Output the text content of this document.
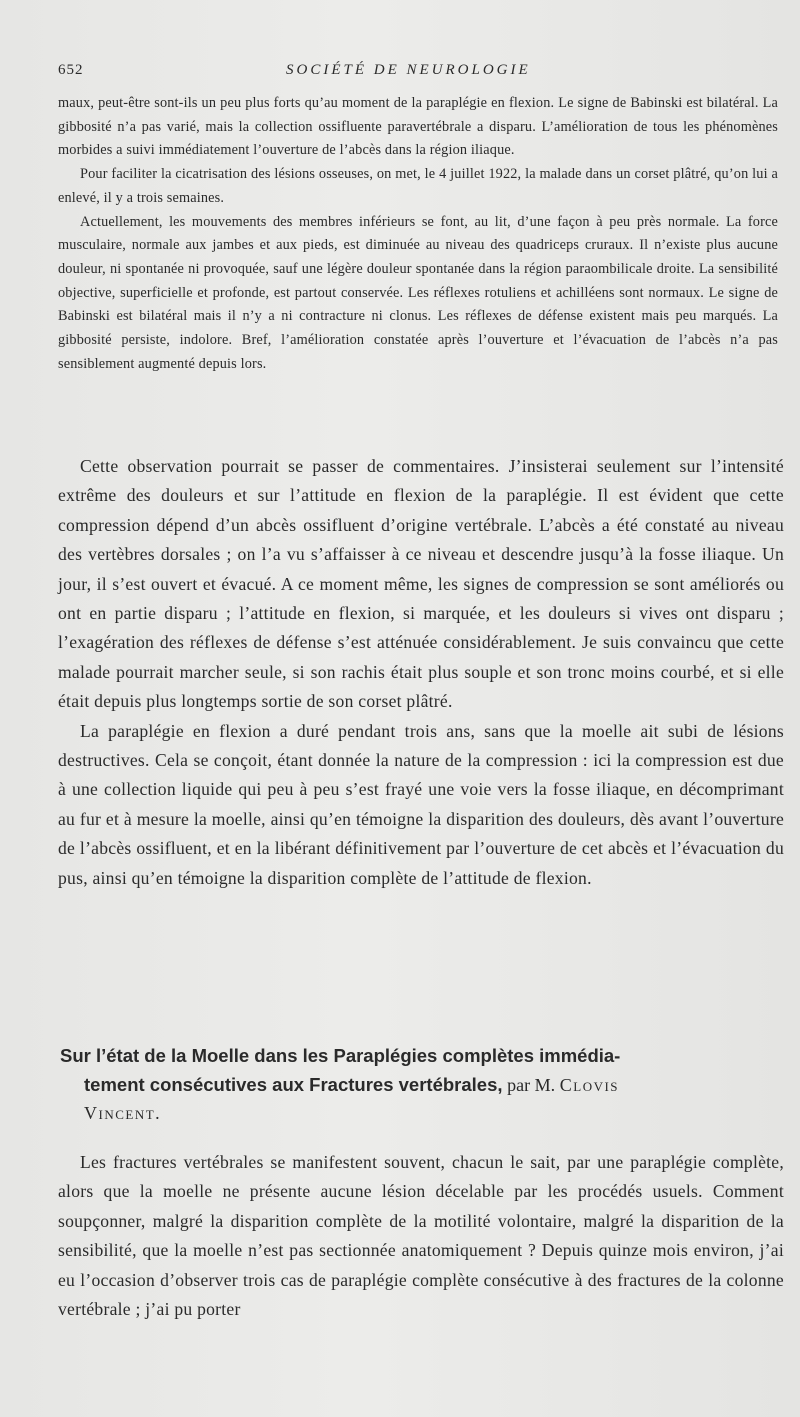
652	SOCIÉTÉ DE NEUROLOGIE

maux, peut-être sont-ils un peu plus forts qu’au moment de la paraplégie en flexion. Le signe de Babinski est bilatéral. La gibbosité n’a pas varié, mais la collection ossifluente paravertébrale a disparu. L’amélioration de tous les phénomènes morbides a suivi immédiatement l’ouverture de l’abcès dans la région iliaque.

Pour faciliter la cicatrisation des lésions osseuses, on met, le 4 juillet 1922, la malade dans un corset plâtré, qu’on lui a enlevé, il y a trois semaines.

Actuellement, les mouvements des membres inférieurs se font, au lit, d’une façon à peu près normale. La force musculaire, normale aux jambes et aux pieds, est diminuée au niveau des quadriceps cruraux. Il n’existe plus aucune douleur, ni spontanée ni provoquée, sauf une légère douleur spontanée dans la région paraombilicale droite. La sensibilité objective, superficielle et profonde, est partout conservée. Les réflexes rotuliens et achilléens sont normaux. Le signe de Babinski est bilatéral mais il n’y a ni contracture ni clonus. Les réflexes de défense existent mais peu marqués. La gibbosité persiste, indolore. Bref, l’amélioration constatée après l’ouverture et l’évacuation de l’abcès n’a pas sensiblement augmenté depuis lors.

Cette observation pourrait se passer de commentaires. J’insisterai seulement sur l’intensité extrême des douleurs et sur l’attitude en flexion de la paraplégie. Il est évident que cette compression dépend d’un abcès ossifluent d’origine vertébrale. L’abcès a été constaté au niveau des vertèbres dorsales ; on l’a vu s’affaisser à ce niveau et descendre jusqu’à la fosse iliaque. Un jour, il s’est ouvert et évacué. A ce moment même, les signes de compression se sont améliorés ou ont en partie disparu ; l’attitude en flexion, si marquée, et les douleurs si vives ont disparu ; l’exagération des réflexes de défense s’est atténuée considérablement. Je suis convaincu que cette malade pourrait marcher seule, si son rachis était plus souple et son tronc moins courbé, et si elle était depuis plus longtemps sortie de son corset plâtré.

La paraplégie en flexion a duré pendant trois ans, sans que la moelle ait subi de lésions destructives. Cela se conçoit, étant donnée la nature de la compression : ici la compression est due à une collection liquide qui peu à peu s’est frayé une voie vers la fosse iliaque, en décomprimant au fur et à mesure la moelle, ainsi qu’en témoigne la disparition des douleurs, dès avant l’ouverture de l’abcès ossifluent, et en la libérant définitivement par l’ouverture de cet abcès et l’évacuation du pus, ainsi qu’en témoigne la disparition complète de l’attitude de flexion.

Sur l’état de la Moelle dans les Paraplégies complètes immédia-
tement consécutives aux Fractures vertébrales, par M. Clovis
Vincent.

Les fractures vertébrales se manifestent souvent, chacun le sait, par une paraplégie complète, alors que la moelle ne présente aucune lésion décelable par les procédés usuels. Comment soupçonner, malgré la disparition complète de la motilité volontaire, malgré la disparition de la sensibilité, que la moelle n’est pas sectionnée anatomiquement ? Depuis quinze mois environ, j’ai eu l’occasion d’observer trois cas de paraplégie complète consécutive à des fractures de la colonne vertébrale ; j’ai pu porter
